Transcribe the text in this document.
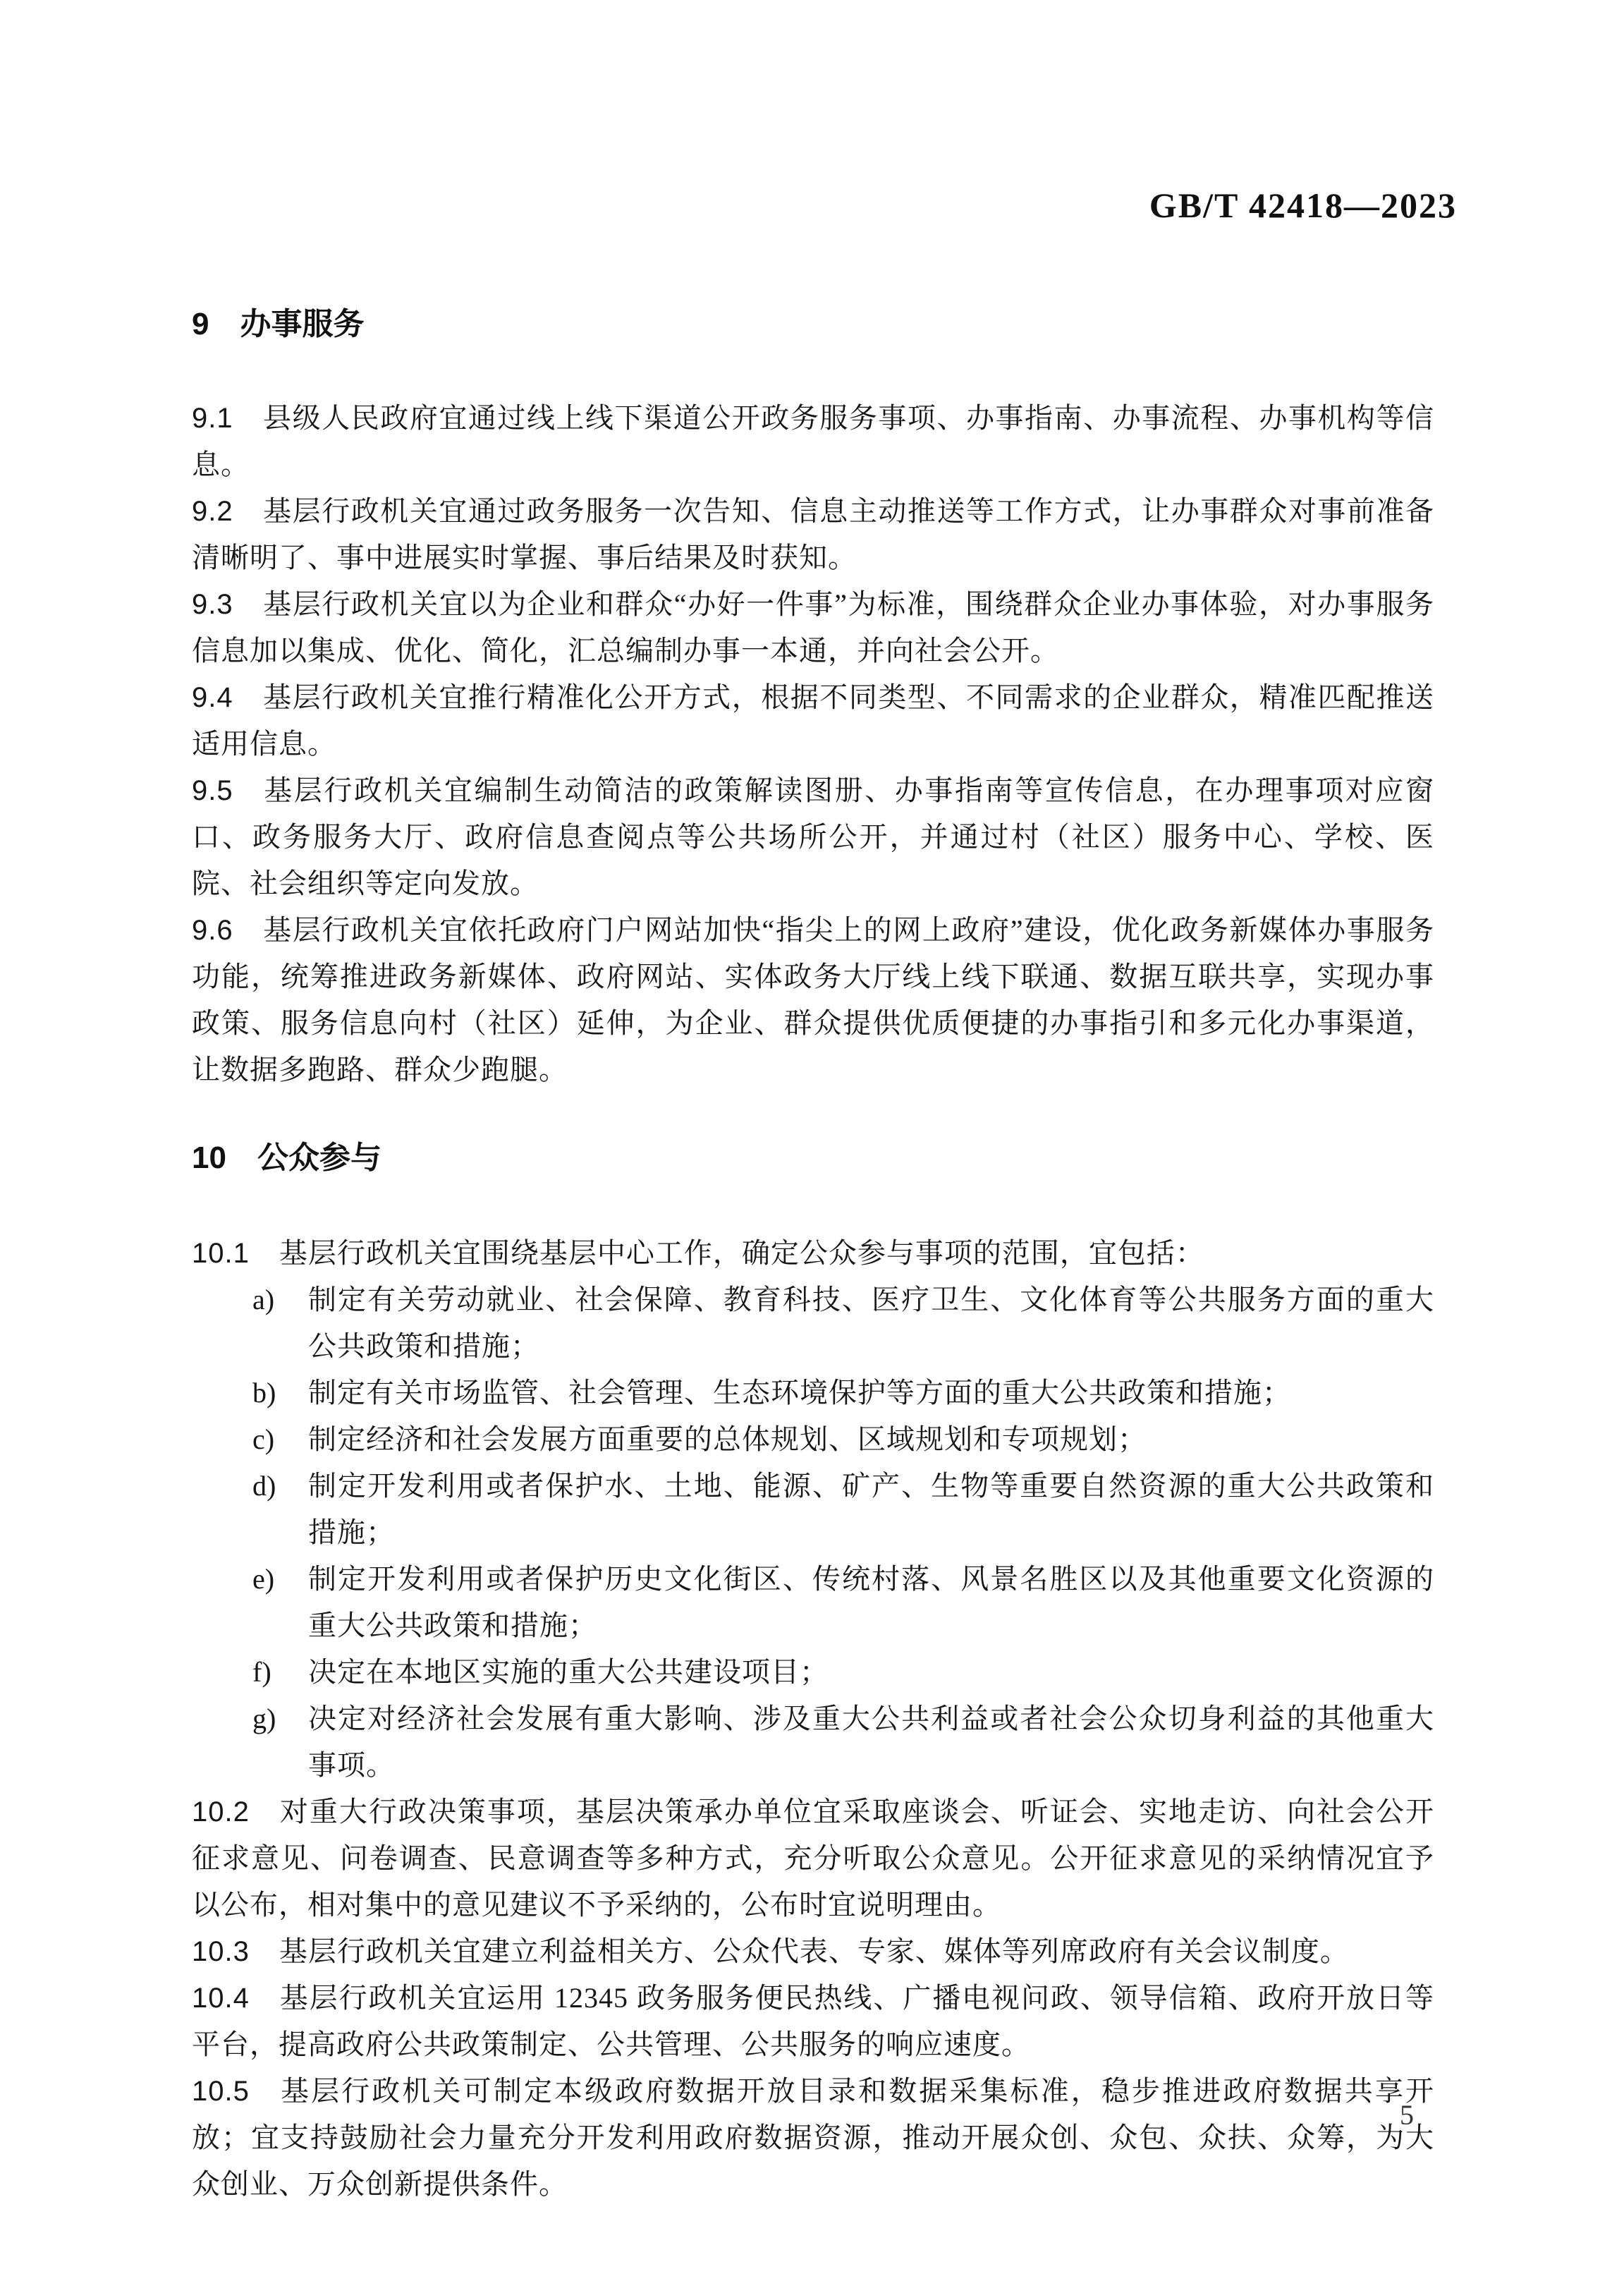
GB/T 42418—2023
9 办事服务

9.1 县级人民政府宜通过线上线下渠道公开政务服务事项、办事指南、办事流程、办事机构等信息。

9.2 基层行政机关宜通过政务服务一次告知、信息主动推送等工作方式，让办事群众对事前准备清晰明了、事中进展实时掌握、事后结果及时获知。

9.3 基层行政机关宜以为企业和群众“办好一件事”为标准，围绕群众企业办事体验，对办事服务信息加以集成、优化、简化，汇总编制办事一本通，并向社会公开。

9.4 基层行政机关宜推行精准化公开方式，根据不同类型、不同需求的企业群众，精准匹配推送适用信息。

9.5 基层行政机关宜编制生动简洁的政策解读图册、办事指南等宣传信息，在办理事项对应窗口、政务服务大厅、政府信息查阅点等公共场所公开，并通过村（社区）服务中心、学校、医院、社会组织等定向发放。

9.6 基层行政机关宜依托政府门户网站加快“指尖上的网上政府”建设，优化政务新媒体办事服务功能，统筹推进政务新媒体、政府网站、实体政务大厅线上线下联通、数据互联共享，实现办事政策、服务信息向村（社区）延伸，为企业、群众提供优质便捷的办事指引和多元化办事渠道，让数据多跑路、群众少跑腿。

10 公众参与

10.1 基层行政机关宜围绕基层中心工作，确定公众参与事项的范围，宜包括：

a) 制定有关劳动就业、社会保障、教育科技、医疗卫生、文化体育等公共服务方面的重大公共政策和措施；
b) 制定有关市场监管、社会管理、生态环境保护等方面的重大公共政策和措施；
c) 制定经济和社会发展方面重要的总体规划、区域规划和专项规划；
d) 制定开发利用或者保护水、土地、能源、矿产、生物等重要自然资源的重大公共政策和措施；
e) 制定开发利用或者保护历史文化街区、传统村落、风景名胜区以及其他重要文化资源的重大公共政策和措施；
f) 决定在本地区实施的重大公共建设项目；
g) 决定对经济社会发展有重大影响、涉及重大公共利益或者社会公众切身利益的其他重大事项。

10.2 对重大行政决策事项，基层决策承办单位宜采取座谈会、听证会、实地走访、向社会公开征求意见、问卷调查、民意调查等多种方式，充分听取公众意见。公开征求意见的采纳情况宜予以公布，相对集中的意见建议不予采纳的，公布时宜说明理由。

10.3 基层行政机关宜建立利益相关方、公众代表、专家、媒体等列席政府有关会议制度。

10.4 基层行政机关宜运用 12345 政务服务便民热线、广播电视问政、领导信箱、政府开放日等平台，提高政府公共政策制定、公共管理、公共服务的响应速度。

10.5 基层行政机关可制定本级政府数据开放目录和数据采集标准，稳步推进政府数据共享开放；宜支持鼓励社会力量充分开发利用政府数据资源，推动开展众创、众包、众扶、众筹，为大众创业、万众创新提供条件。

5
